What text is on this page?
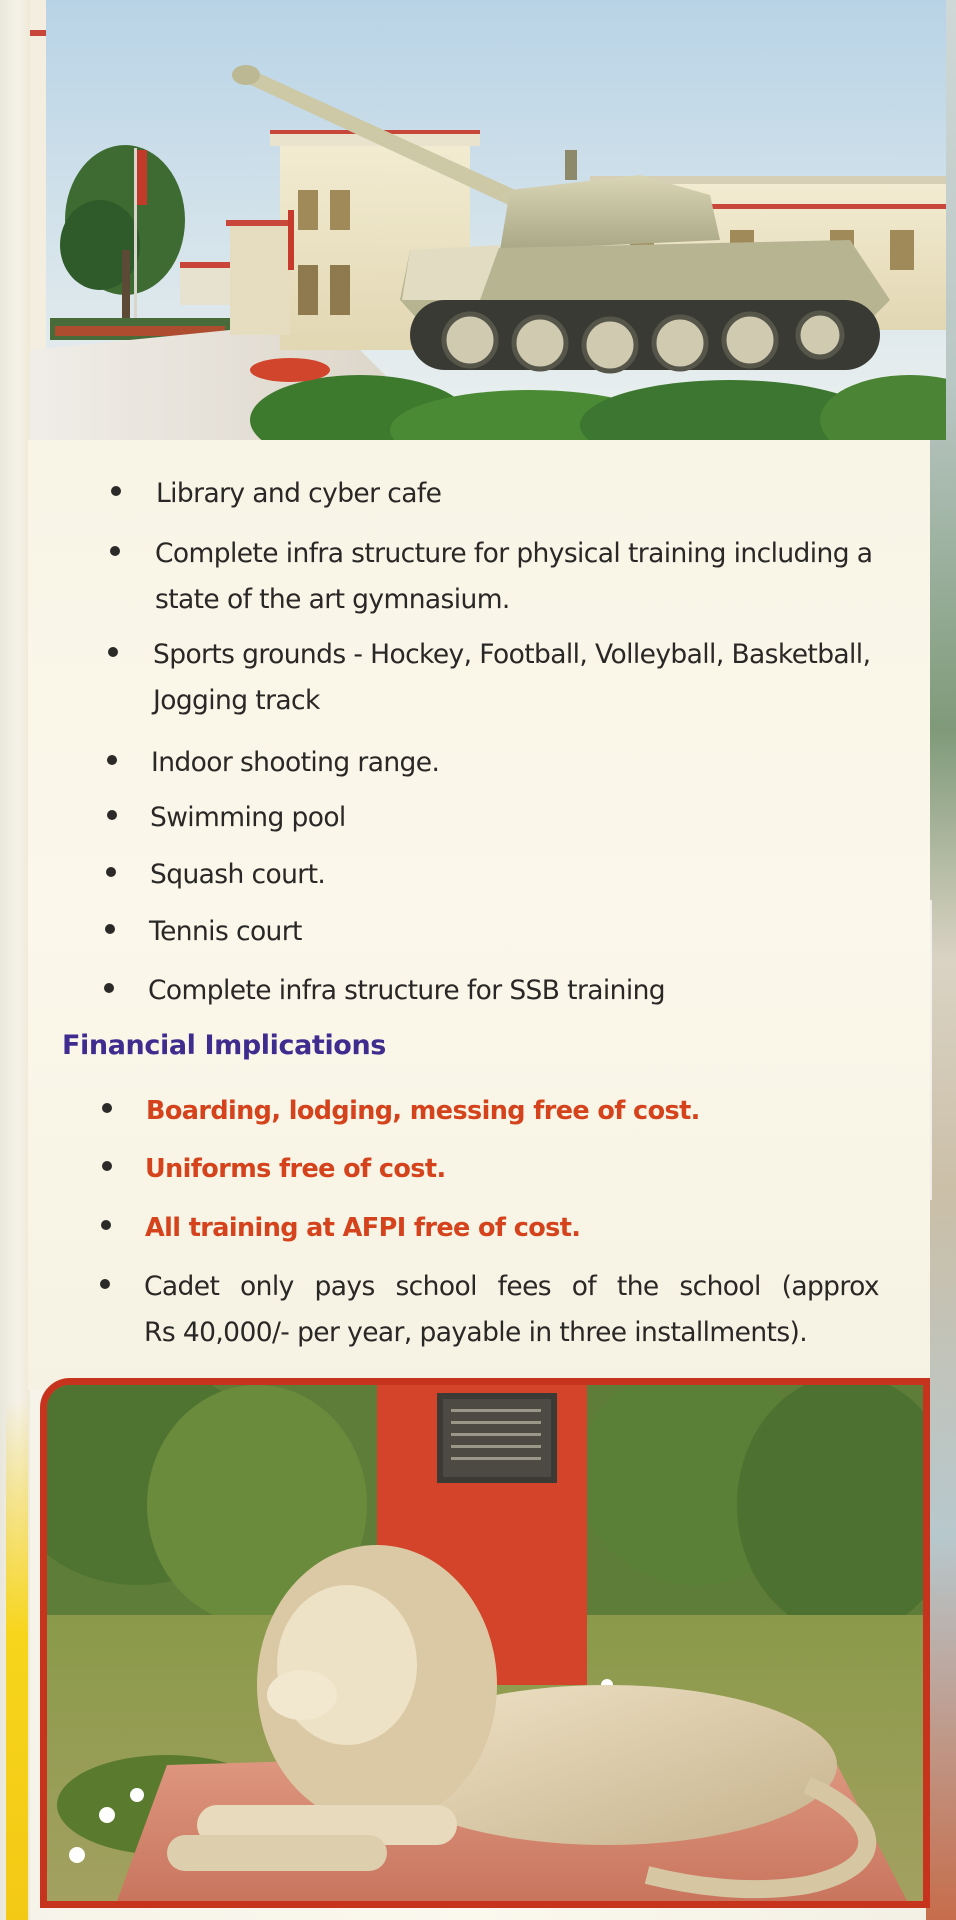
Library and cyber cafe
Complete infra structure for physical training including a
state of the art gymnasium.
Sports grounds - Hockey, Football, Volleyball, Basketball,
Jogging track
Indoor shooting range.
Swimming pool
Squash court.
Tennis court
Complete infra structure for SSB training
Financial Implications
Boarding, lodging, messing free of cost.
Uniforms free of cost.
All training at AFPI free of cost.
Cadet only pays school fees of the school (approx
Rs 40,000/- per year, payable in three installments).
